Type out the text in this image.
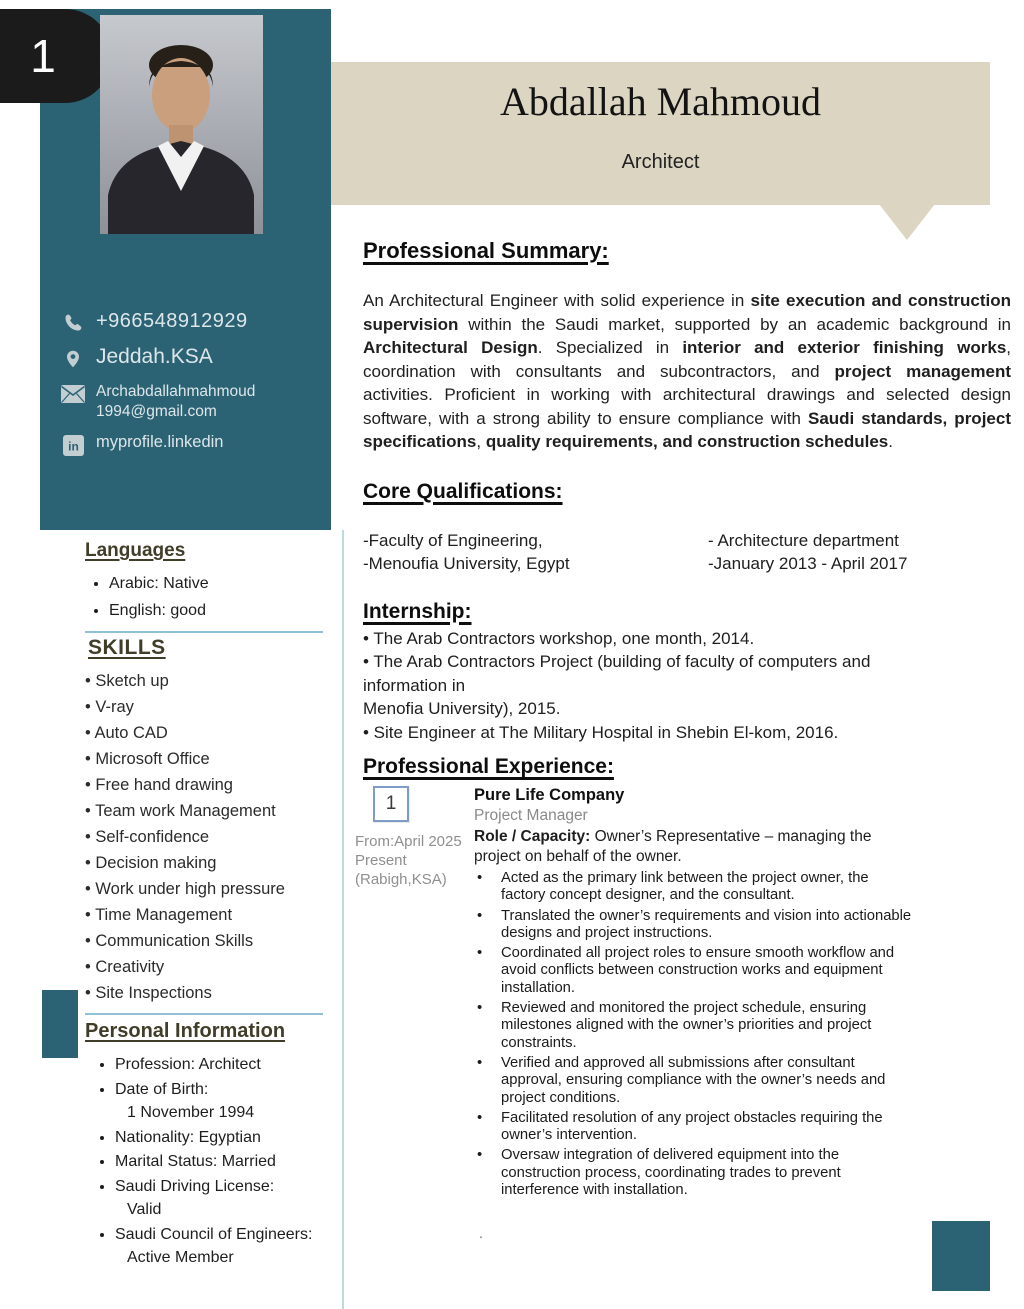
1
Abdallah Mahmoud
Architect
+966548912929
Jeddah.KSA
Archabdallahmahmoud
1994@gmail.com
in myprofile.linkedin
Languages
• Arabic: Native
• English: good
SKILLS
• Sketch up
• V-ray
• Auto CAD
• Microsoft Office
• Free hand drawing
• Team work Management
• Self-confidence
• Decision making
• Work under high pressure
• Time Management
• Communication Skills
• Creativity
• Site Inspections
Personal Information
• Profession: Architect
• Date of Birth:
1 November 1994
• Nationality: Egyptian
• Marital Status: Married
• Saudi Driving License:
Valid
• Saudi Council of Engineers:
Active Member
Professional Summary:

An Architectural Engineer with solid experience in site execution and construction supervision within the Saudi market, supported by an academic background in Architectural Design. Specialized in interior and exterior finishing works, coordination with consultants and subcontractors, and project management activities. Proficient in working with architectural drawings and selected design software, with a strong ability to ensure compliance with Saudi standards, project specifications, quality requirements, and construction schedules.

Core Qualifications:
-Faculty of Engineering,
-Menoufia University, Egypt
- Architecture department
-January 2013 - April 2017
Internship:
• The Arab Contractors workshop, one month, 2014.
• The Arab Contractors Project (building of faculty of computers and
information in
Menofia University), 2015.
• Site Engineer at The Military Hospital in Shebin El-kom, 2016.
Professional Experience:
1
From:April 2025
Present
(Rabigh,KSA)
Pure Life Company
Project Manager
Role / Capacity: Owner’s Representative – managing the project on behalf of the owner.
• Acted as the primary link between the project owner, the factory concept designer, and the consultant.
• Translated the owner’s requirements and vision into actionable designs and project instructions.
• Coordinated all project roles to ensure smooth workflow and avoid conflicts between construction works and equipment installation.
• Reviewed and monitored the project schedule, ensuring milestones aligned with the owner’s priorities and project constraints.
• Verified and approved all submissions after consultant approval, ensuring compliance with the owner’s needs and project conditions.
• Facilitated resolution of any project obstacles requiring the owner’s intervention.
• Oversaw integration of delivered equipment into the construction process, coordinating trades to prevent interference with installation.
.
